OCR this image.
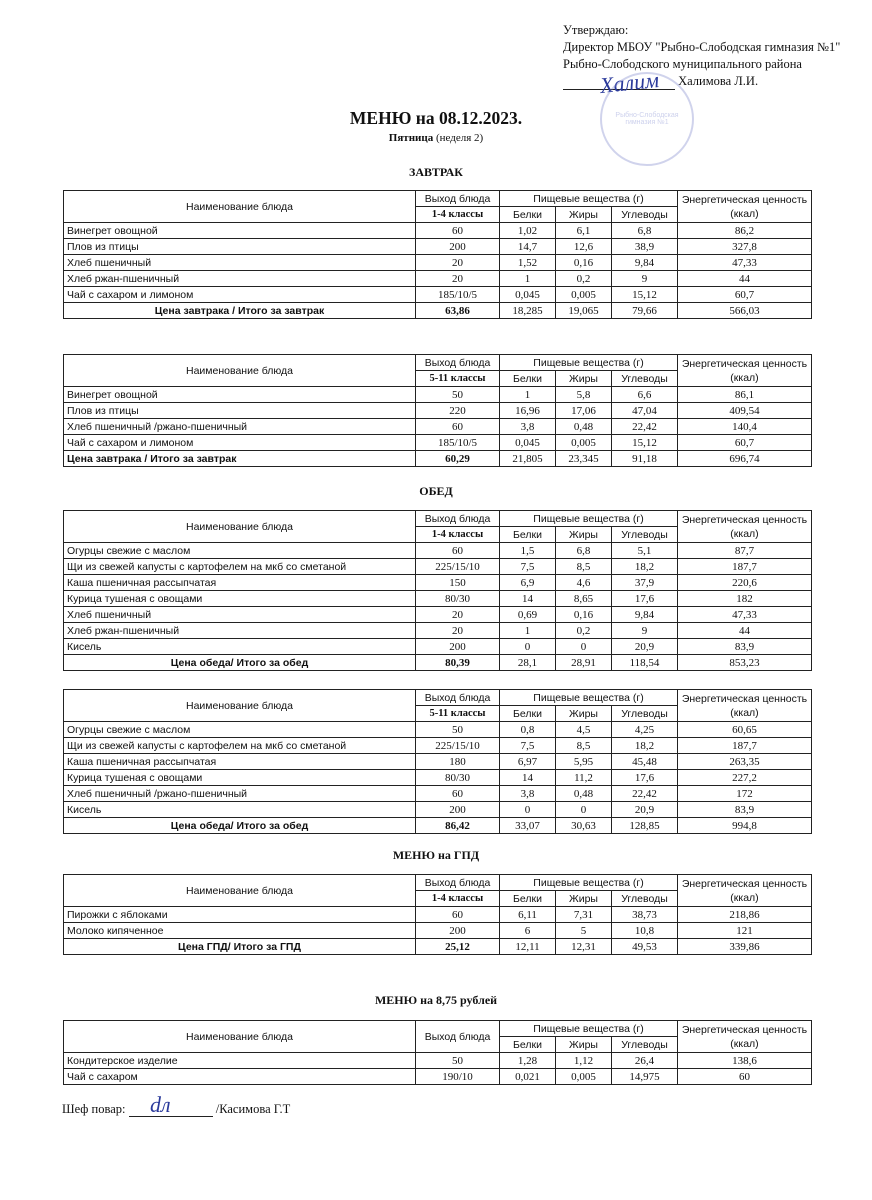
Утверждаю:
Директор МБОУ "Рыбно-Слободская гимназия №1"
Рыбно-Слободского муниципального района
Халимова Л.И.
Халим
Рыбно-Слободская гимназия №1
МЕНЮ на 08.12.2023.
Пятница (неделя 2)
ЗАВТРАК
ОБЕД
МЕНЮ на ГПД
МЕНЮ на 8,75 рублей
Наименование блюда	Выход блюда	Пищевые вещества (г)			Энергетическая ценность (ккал)
	1-4 классы	Белки	Жиры	Углеводы	
Винегрет овощной	60	1,02	6,1	6,8	86,2
Плов из птицы	200	14,7	12,6	38,9	327,8
Хлеб пшеничный	20	1,52	0,16	9,84	47,33
Хлеб ржан-пшеничный	20	1	0,2	9	44
Чай с сахаром и лимоном	185/10/5	0,045	0,005	15,12	60,7
Цена завтрака / Итого за завтрак	63,86	18,285	19,065	79,66	566,03
Наименование блюда	Выход блюда	Пищевые вещества (г)			Энергетическая ценность (ккал)
	5-11 классы	Белки	Жиры	Углеводы	
Винегрет овощной	50	1	5,8	6,6	86,1
Плов из птицы	220	16,96	17,06	47,04	409,54
Хлеб пшеничный /ржано-пшеничный	60	3,8	0,48	22,42	140,4
Чай с сахаром и лимоном	185/10/5	0,045	0,005	15,12	60,7
Цена завтрака / Итого за завтрак	60,29	21,805	23,345	91,18	696,74
Наименование блюда	Выход блюда	Пищевые вещества (г)			Энергетическая ценность (ккал)
	1-4 классы	Белки	Жиры	Углеводы	
Огурцы свежие с маслом	60	1,5	6,8	5,1	87,7
Щи из свежей капусты с картофелем на мкб со сметаной	225/15/10	7,5	8,5	18,2	187,7
Каша пшеничная рассыпчатая	150	6,9	4,6	37,9	220,6
Курица тушеная с овощами	80/30	14	8,65	17,6	182
Хлеб пшеничный	20	0,69	0,16	9,84	47,33
Хлеб ржан-пшеничный	20	1	0,2	9	44
Кисель	200	0	0	20,9	83,9
Цена обеда/ Итого за обед	80,39	28,1	28,91	118,54	853,23
Наименование блюда	Выход блюда	Пищевые вещества (г)			Энергетическая ценность (ккал)
	5-11 классы	Белки	Жиры	Углеводы	
Огурцы свежие с маслом	50	0,8	4,5	4,25	60,65
Щи из свежей капусты с картофелем на мкб со сметаной	225/15/10	7,5	8,5	18,2	187,7
Каша пшеничная рассыпчатая	180	6,97	5,95	45,48	263,35
Курица тушеная с овощами	80/30	14	11,2	17,6	227,2
Хлеб пшеничный /ржано-пшеничный	60	3,8	0,48	22,42	172
Кисель	200	0	0	20,9	83,9
Цена обеда/ Итого за обед	86,42	33,07	30,63	128,85	994,8
Наименование блюда	Выход блюда	Пищевые вещества (г)			Энергетическая ценность (ккал)
	1-4 классы	Белки	Жиры	Углеводы	
Пирожки с яблоками	60	6,11	7,31	38,73	218,86
Молоко кипяченное	200	6	5	10,8	121
Цена ГПД/ Итого за ГПД	25,12	12,11	12,31	49,53	339,86
Наименование блюда	Выход блюда	Пищевые вещества (г)			Энергетическая ценность (ккал)
		Белки	Жиры	Углеводы	
Кондитерское изделие	50	1,28	1,12	26,4	138,6
Чай с сахаром	190/10	0,021	0,005	14,975	60
Шеф повар:	/Касимова Г.Т
dл
